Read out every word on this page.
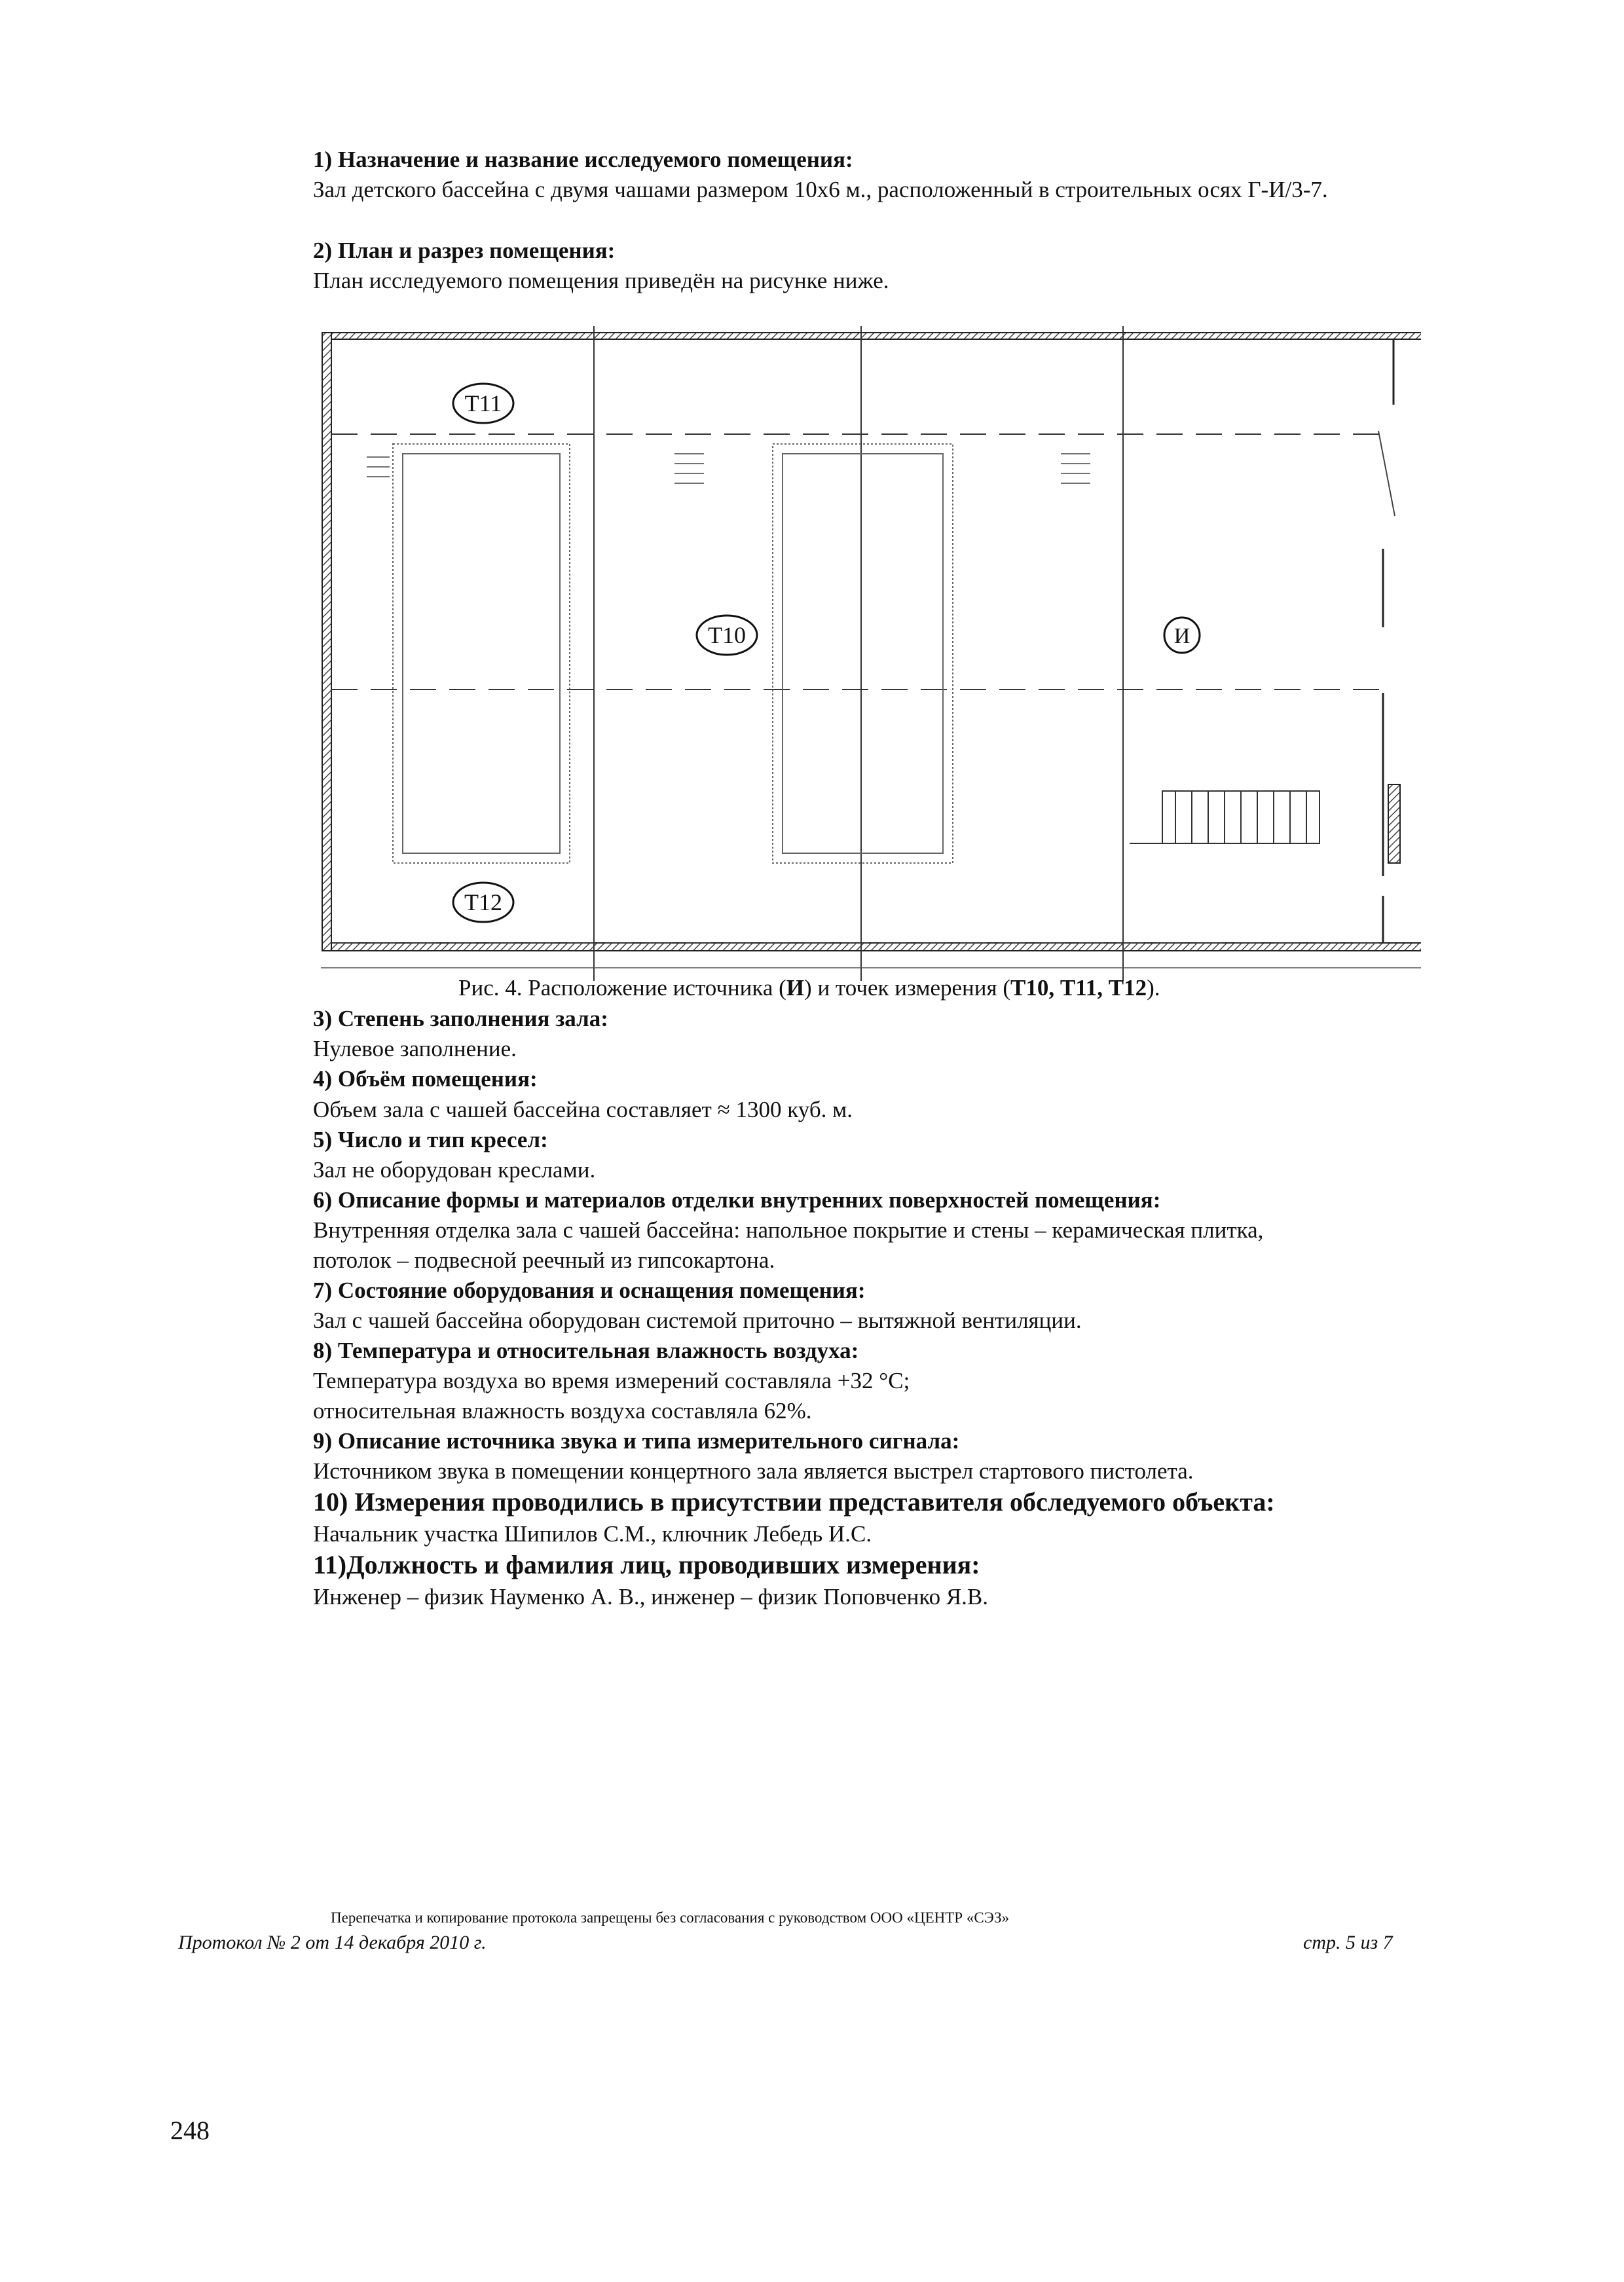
1) Назначение и название исследуемого помещения:
Зал детского бассейна с двумя чашами размером 10х6 м., расположенный в строительных осях Г-И/3-7.
2) План и разрез помещения:
План исследуемого помещения приведён на рисунке ниже.
Т11
Т10
Т12
И
Рис. 4. Расположение источника (И) и точек измерения (Т10, Т11, Т12).
3) Степень заполнения зала:
Нулевое заполнение.
4) Объём помещения:
Объем зала с чашей бассейна составляет ≈ 1300 куб. м.
5) Число и тип кресел:
Зал не оборудован креслами.
6) Описание формы и материалов отделки внутренних поверхностей помещения:
Внутренняя отделка зала с чашей бассейна: напольное покрытие и стены – керамическая плитка,
потолок – подвесной реечный из гипсокартона.
7) Состояние оборудования и оснащения помещения:
Зал с чашей бассейна оборудован системой приточно – вытяжной вентиляции.
8) Температура и относительная влажность воздуха:
Температура воздуха во время измерений составляла +32 °С;
относительная влажность воздуха составляла 62%.
9) Описание источника звука и типа измерительного сигнала:
Источником звука в помещении концертного зала является выстрел стартового пистолета.
10) Измерения проводились в присутствии представителя обследуемого объекта:
Начальник участка Шипилов С.М., ключник Лебедь И.С.
11)Должность и фамилия лиц, проводивших измерения:
Инженер – физик Науменко А. В., инженер – физик Поповченко Я.В.
Перепечатка и копирование протокола запрещены без согласования с руководством ООО «ЦЕНТР «СЭЗ»
Протокол № 2 от 14 декабря 2010 г.	стр. 5 из 7
248
